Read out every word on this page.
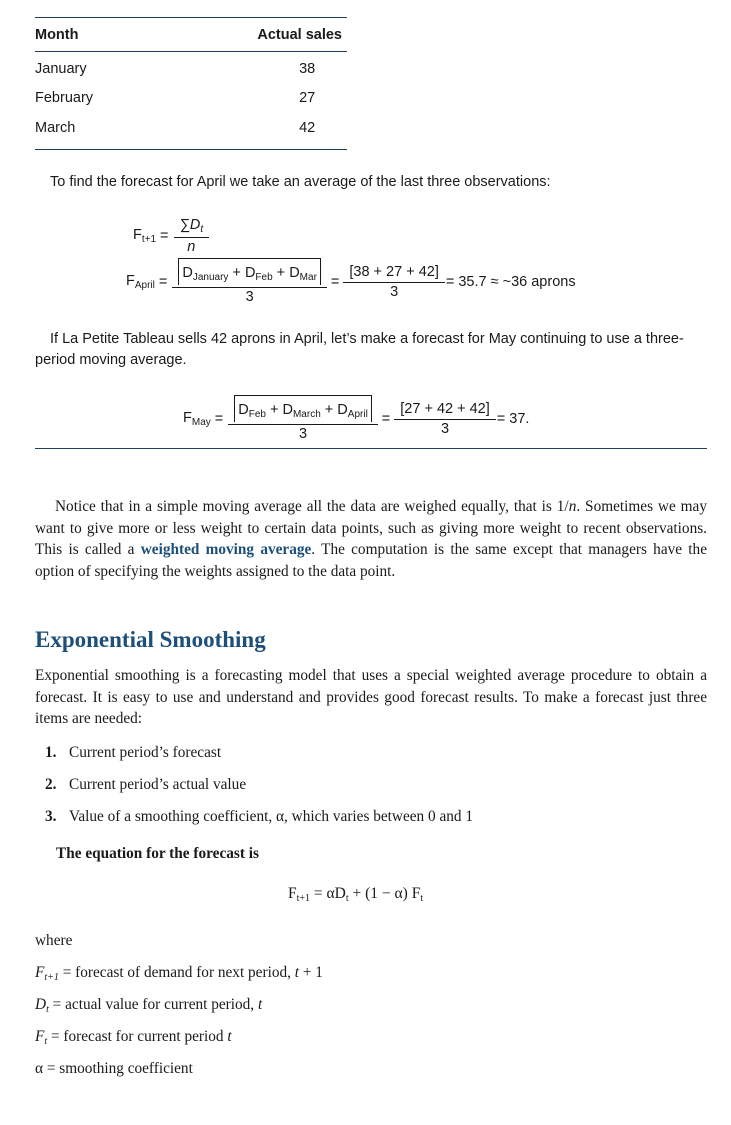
Month	Actual sales
January	38
February	27
March	42
To find the forecast for April we take an average of the last three observations:
$F_{t+1} = \frac{\sum D_t}{n}$
$F_{April} = \frac{D_{January} + D_{Feb} + D_{Mar}}{3} = \frac{[38 + 27 + 42]}{3} = 35.7$ ≈ ~36 aprons
If La Petite Tableau sells 42 aprons in April, let’s make a forecast for May continuing to use a three-period moving average.
$F_{May} = \frac{D_{Feb} + D_{March} + D_{April}}{3} = \frac{[27 + 42 + 42]}{3} = 37$.
Notice that in a simple moving average all the data are weighed equally, that is 1/n. Sometimes we may want to give more or less weight to certain data points, such as giving more weight to recent observations. This is called a weighted moving average. The computation is the same except that managers have the option of specifying the weights assigned to the data point.
Exponential Smoothing
Exponential smoothing is a forecasting model that uses a special weighted average procedure to obtain a forecast. It is easy to use and understand and provides good forecast results. To make a forecast just three items are needed:
1. Current period’s forecast
2. Current period’s actual value
3. Value of a smoothing coefficient, α, which varies between 0 and 1
The equation for the forecast is
$F_{t+1} = \alpha D_t + (1 - \alpha)$ $F_t$
where
$F_{t+1}$ = forecast of demand for next period, t + 1
$D_t$ = actual value for current period, t
$F_t$ = forecast for current period t
α = smoothing coefficient
